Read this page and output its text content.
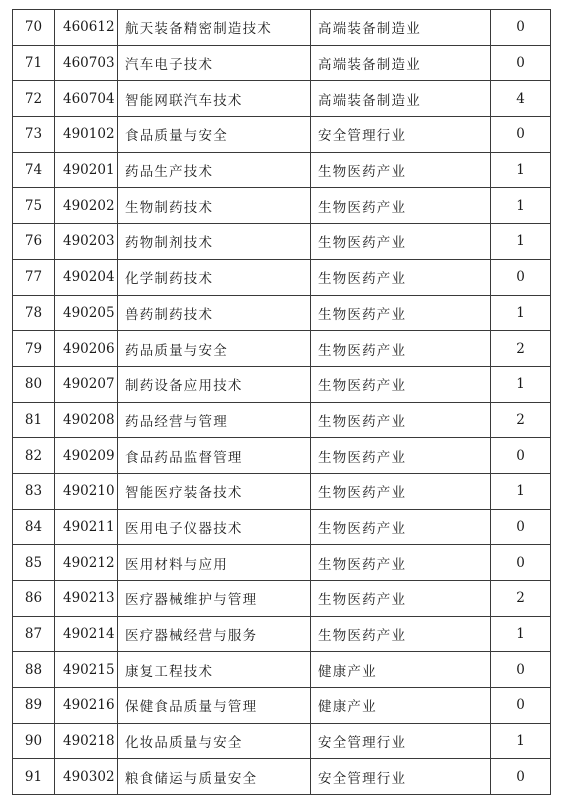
70	460612	航天装备精密制造技术	高端装备制造业	0
71	460703	汽车电子技术	高端装备制造业	0
72	460704	智能网联汽车技术	高端装备制造业	4
73	490102	食品质量与安全	安全管理行业	0
74	490201	药品生产技术	生物医药产业	1
75	490202	生物制药技术	生物医药产业	1
76	490203	药物制剂技术	生物医药产业	1
77	490204	化学制药技术	生物医药产业	0
78	490205	兽药制药技术	生物医药产业	1
79	490206	药品质量与安全	生物医药产业	2
80	490207	制药设备应用技术	生物医药产业	1
81	490208	药品经营与管理	生物医药产业	2
82	490209	食品药品监督管理	生物医药产业	0
83	490210	智能医疗装备技术	生物医药产业	1
84	490211	医用电子仪器技术	生物医药产业	0
85	490212	医用材料与应用	生物医药产业	0
86	490213	医疗器械维护与管理	生物医药产业	2
87	490214	医疗器械经营与服务	生物医药产业	1
88	490215	康复工程技术	健康产业	0
89	490216	保健食品质量与管理	健康产业	0
90	490218	化妆品质量与安全	安全管理行业	1
91	490302	粮食储运与质量安全	安全管理行业	0
